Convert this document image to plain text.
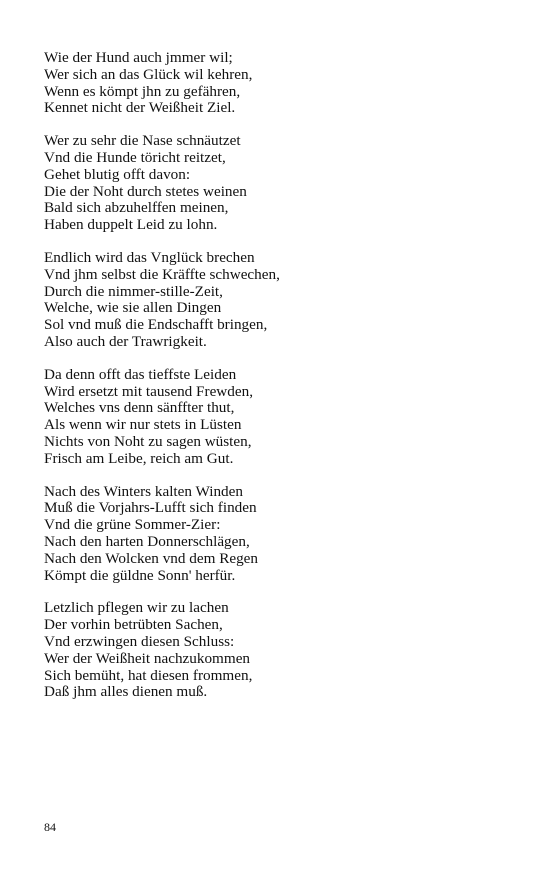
Wie der Hund auch jmmer wil;
Wer sich an das Glück wil kehren,
Wenn es kömpt jhn zu gefähren,
Kennet nicht der Weißheit Ziel.
Wer zu sehr die Nase schnäutzet
Vnd die Hunde töricht reitzet,
Gehet blutig offt davon:
Die der Noht durch stetes weinen
Bald sich abzuhelffen meinen,
Haben duppelt Leid zu lohn.
Endlich wird das Vnglück brechen
Vnd jhm selbst die Kräffte schwechen,
Durch die nimmer-stille-Zeit,
Welche, wie sie allen Dingen
Sol vnd muß die Endschafft bringen,
Also auch der Trawrigkeit.
Da denn offt das tieffste Leiden
Wird ersetzt mit tausend Frewden,
Welches vns denn sänffter thut,
Als wenn wir nur stets in Lüsten
Nichts von Noht zu sagen wüsten,
Frisch am Leibe, reich am Gut.
Nach des Winters kalten Winden
Muß die Vorjahrs-Lufft sich finden
Vnd die grüne Sommer-Zier:
Nach den harten Donnerschlägen,
Nach den Wolcken vnd dem Regen
Kömpt die güldne Sonn' herfür.
Letzlich pflegen wir zu lachen
Der vorhin betrübten Sachen,
Vnd erzwingen diesen Schluss:
Wer der Weißheit nachzukommen
Sich bemüht, hat diesen frommen,
Daß jhm alles dienen muß.
84
